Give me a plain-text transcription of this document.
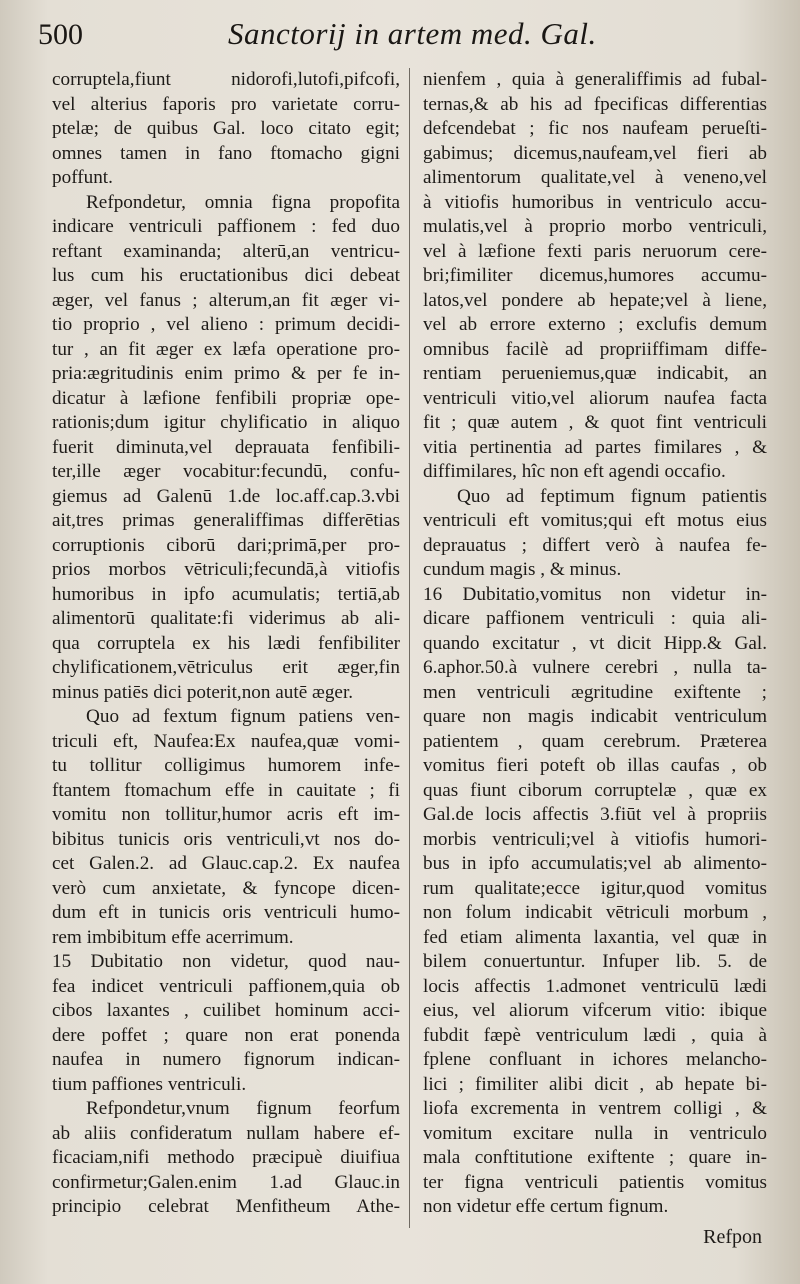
500	Sanctorij in artem med. Gal.
corruptela,fiunt nidorofi,lutofi,pifcofi,
vel alterius faporis pro varietate corru-
ptelæ; de quibus Gal. loco citato egit;
omnes tamen in fano ftomacho gigni
poffunt.
Refpondetur, omnia figna propofita
indicare ventriculi paffionem : fed duo
reftant examinanda; alterū,an ventricu-
lus cum his eructationibus dici debeat
æger, vel fanus ; alterum,an fit æger vi-
tio proprio , vel alieno : primum decidi-
tur , an fit æger ex læfa operatione pro-
pria:ægritudinis enim primo & per fe in-
dicatur à læfione fenfibili propriæ ope-
rationis;dum igitur chylificatio in aliquo
fuerit diminuta,vel deprauata fenfibili-
ter,ille æger vocabitur:fecundū, confu-
giemus ad Galenū 1.de loc.aff.cap.3.vbi
ait,tres primas generaliffimas differētias
corruptionis ciborū dari;primā,per pro-
prios morbos vētriculi;fecundā,à vitiofis
humoribus in ipfo acumulatis; tertiā,ab
alimentorū qualitate:fi viderimus ab ali-
qua corruptela ex his lædi fenfibiliter
chylificationem,vētriculus erit æger,fin
minus patiēs dici poterit,non autē æger.
Quo ad fextum fignum patiens ven-
triculi eft, Naufea:Ex naufea,quæ vomi-
tu tollitur colligimus humorem infe-
ftantem ftomachum effe in cauitate ; fi
vomitu non tollitur,humor acris eft im-
bibitus tunicis oris ventriculi,vt nos do-
cet Galen.2. ad Glauc.cap.2. Ex naufea
verò cum anxietate, & fyncope dicen-
dum eft in tunicis oris ventriculi humo-
rem imbibitum effe acerrimum.
15 Dubitatio non videtur, quod nau-
fea indicet ventriculi paffionem,quia ob
cibos laxantes , cuilibet hominum acci-
dere poffet ; quare non erat ponenda
naufea in numero fignorum indican-
tium paffiones ventriculi.
Refpondetur,vnum fignum feorfum
ab aliis confideratum nullam habere ef-
ficaciam,nifi methodo præcipuè diuifiua
confirmetur;Galen.enim 1.ad Glauc.in
principio celebrat Menfitheum Athe-
nienfem , quia à generaliffimis ad fubal-
ternas,& ab his ad fpecificas differentias
defcendebat ; fic nos naufeam perueſti-
gabimus; dicemus,naufeam,vel fieri ab
alimentorum qualitate,vel à veneno,vel
à vitiofis humoribus in ventriculo accu-
mulatis,vel à proprio morbo ventriculi,
vel à læfione fexti paris neruorum cere-
bri;fimiliter dicemus,humores accumu-
latos,vel pondere ab hepate;vel à liene,
vel ab errore externo ; exclufis demum
omnibus facilè ad propriiffimam diffe-
rentiam perueniemus,quæ indicabit, an
ventriculi vitio,vel aliorum naufea facta
fit ; quæ autem , & quot fint ventriculi
vitia pertinentia ad partes fimilares , &
diffimilares, hîc non eft agendi occafio.
Quo ad feptimum fignum patientis
ventriculi eft vomitus;qui eft motus eius
deprauatus ; differt verò à naufea fe-
cundum magis , & minus.
16 Dubitatio,vomitus non videtur in-
dicare paffionem ventriculi : quia ali-
quando excitatur , vt dicit Hipp.& Gal.
6.aphor.50.à vulnere cerebri , nulla ta-
men ventriculi ægritudine exiftente ;
quare non magis indicabit ventriculum
patientem , quam cerebrum. Præterea
vomitus fieri poteft ob illas caufas , ob
quas fiunt ciborum corruptelæ , quæ ex
Gal.de locis affectis 3.fiūt vel à propriis
morbis ventriculi;vel à vitiofis humori-
bus in ipfo accumulatis;vel ab alimento-
rum qualitate;ecce igitur,quod vomitus
non folum indicabit vētriculi morbum ,
fed etiam alimenta laxantia, vel quæ in
bilem conuertuntur. Infuper lib. 5. de
locis affectis 1.admonet ventriculū lædi
eius, vel aliorum vifcerum vitio: ibique
fubdit fæpè ventriculum lædi , quia à
fplene confluant in ichores melancho-
lici ; fimiliter alibi dicit , ab hepate bi-
liofa excrementa in ventrem colligi , &
vomitum excitare nulla in ventriculo
mala conftitutione exiftente ; quare in-
ter figna ventriculi patientis vomitus
non videtur effe certum fignum.
Refpon
